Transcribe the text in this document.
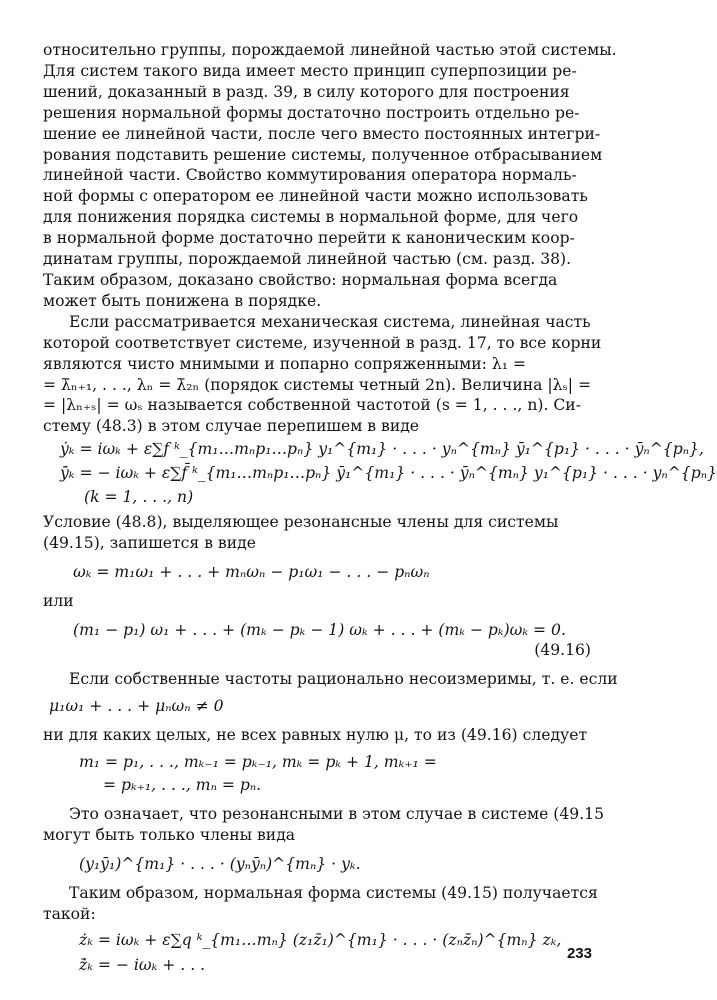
относительно группы, порождаемой линейной частью этой системы.

Для систем такого вида имеет место принцип суперпозиции ре-

шений, доказанный в разд. 39, в силу которого для построения

решения нормальной формы достаточно построить отдельно ре-

шение ее линейной части, после чего вместо постоянных интегри-

рования подставить решение системы, полученное отбрасыванием

линейной части. Свойство коммутирования оператора нормаль-

ной формы с оператором ее линейной части можно использовать

для понижения порядка системы в нормальной форме, для чего

в нормальной форме достаточно перейти к каноническим коор-

динатам группы, порождаемой линейной частью (см. разд. 38).

Таким образом, доказано свойство: нормальная форма всегда

может быть понижена в порядке.

Если рассматривается механическая система, линейная часть

которой соответствует системе, изученной в разд. 17, то все корни

являются чисто мнимыми и попарно сопряженными: λ₁ =

= λ̄ₙ₊₁, . . ., λₙ = λ̄₂ₙ (порядок системы четный 2n). Величина |λₛ| =

= |λₙ₊ₛ| = ωₛ называется собственной частотой (s = 1, . . ., n). Си-

стему (48.3) в этом случае перепишем в виде

ẏₖ = iωₖ + ε∑f ᵏ_{m₁…mₙp₁…pₙ} y₁^{m₁} · . . . · yₙ^{mₙ} ȳ₁^{p₁} · . . . · ȳₙ^{pₙ},

ẏ̄ₖ = − iωₖ + ε∑f̄ ᵏ_{m₁…mₙp₁…pₙ} ȳ₁^{m₁} · . . . · ȳₙ^{mₙ} y₁^{p₁} · . . . · yₙ^{pₙ}

(k = 1, . . ., n)

Условие (48.8), выделяющее резонансные члены для системы

(49.15), запишется в виде

ωₖ = m₁ω₁ + . . . + mₙωₙ − p₁ω₁ − . . . − pₙωₙ

или

(m₁ − p₁) ω₁ + . . . + (mₖ − pₖ − 1) ωₖ + . . . + (mₖ − pₖ)ωₖ = 0.

(49.16)

Если собственные частоты рационально несоизмеримы, т. е. если

μ₁ω₁ + . . . + μₙωₙ ≠ 0

ни для каких целых, не всех равных нулю μ, то из (49.16) следует

m₁ = p₁, . . ., mₖ₋₁ = pₖ₋₁, mₖ = pₖ + 1, mₖ₊₁ =

= pₖ₊₁, . . ., mₙ = pₙ.

Это означает, что резонансными в этом случае в системе (49.15

могут быть только члены вида

(y₁ȳ₁)^{m₁} · . . . · (yₙȳₙ)^{mₙ} · yₖ.

Таким образом, нормальная форма системы (49.15) получается

такой:

żₖ = iωₖ + ε∑q ᵏ_{m₁…mₙ} (z₁z̄₁)^{m₁} · . . . · (zₙz̄ₙ)^{mₙ} zₖ,

ż̄ₖ = − iωₖ + . . .

233
